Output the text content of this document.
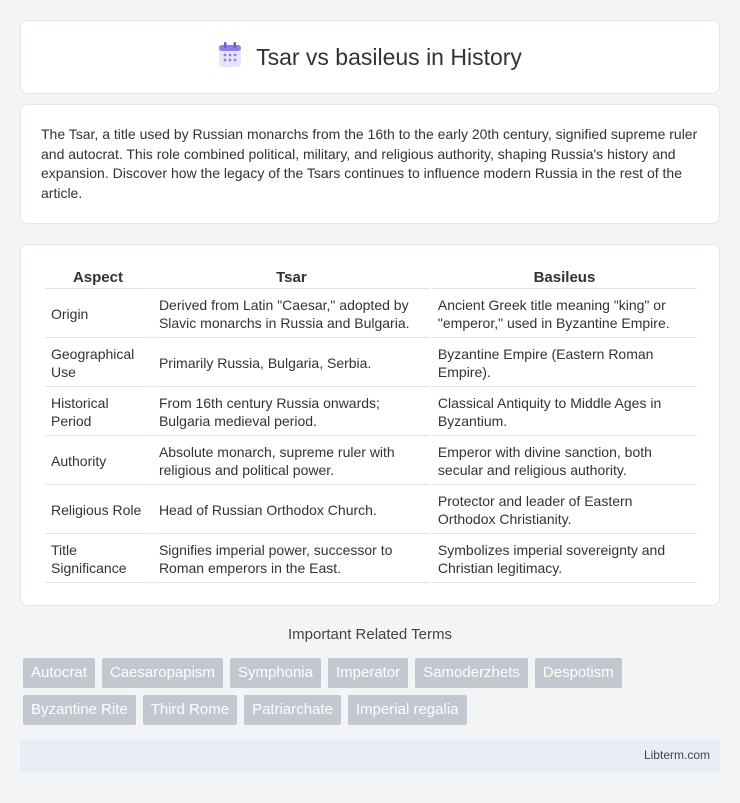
Tsar vs basileus in History

The Tsar, a title used by Russian monarchs from the 16th to the early 20th century, signified supreme ruler and autocrat. This role combined political, military, and religious authority, shaping Russia's history and expansion. Discover how the legacy of the Tsars continues to influence modern Russia in the rest of the article.

Aspect	Tsar	Basileus
Origin	Derived from Latin "Caesar," adopted by Slavic monarchs in Russia and Bulgaria.	Ancient Greek title meaning "king" or "emperor," used in Byzantine Empire.
Geographical Use	Primarily Russia, Bulgaria, Serbia.	Byzantine Empire (Eastern Roman Empire).
Historical Period	From 16th century Russia onwards; Bulgaria medieval period.	Classical Antiquity to Middle Ages in Byzantium.
Authority	Absolute monarch, supreme ruler with religious and political power.	Emperor with divine sanction, both secular and religious authority.
Religious Role	Head of Russian Orthodox Church.	Protector and leader of Eastern Orthodox Christianity.
Title Significance	Signifies imperial power, successor to Roman emperors in the East.	Symbolizes imperial sovereignty and Christian legitimacy.
Important Related Terms
Autocrat	Caesaropapism	Symphonia	Imperator	Samoderzhets	Despotism
Byzantine Rite	Third Rome	Patriarchate	Imperial regalia
Libterm.com
